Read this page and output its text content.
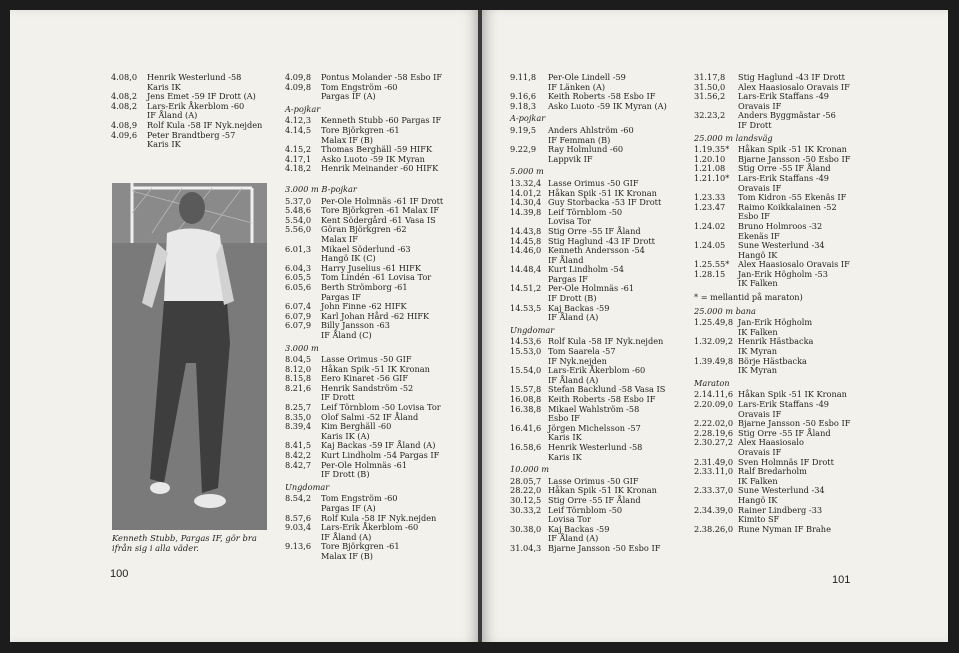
4.08,0 Henrik Westerlund -58
Karis IK
4.08,2 Jens Emet -59 IF Drott (A)
4.08,2 Lars-Erik Åkerblom -60
IF Åland (A)
4.08,9 Rolf Kula -58 IF Nyk.nejden
4.09,6 Peter Brandtberg -57
Karis IK
4.09,8 Pontus Molander -58 Esbo IF
4.09,8 Tom Engström -60
Pargas IF (A)
A-pojkar
4.12,3 Kenneth Stubb -60 Pargas IF
4.14,5 Tore Björkgren -61
Malax IF (B)
4.15,2 Thomas Berghäll -59 HIFK
4.17,1 Asko Luoto -59 IK Myran
4.18,2 Henrik Meinander -60 HIFK
3.000 m B-pojkar
5.37,0 Per-Ole Holmnäs -61 IF Drott
5.48,6 Tore Björkgren -61 Malax IF
5.54,0 Kent Södergård -61 Vasa IS
5.56,0 Göran Björkgren -62
Malax IF
6.01,3 Mikael Söderlund -63
Hangö IK (C)
6.04,3 Harry Juselius -61 HIFK
6.05,5 Tom Lindén -61 Lovisa Tor
6.05,6 Berth Strömborg -61
Pargas IF
6.07,4 John Finne -62 HIFK
6.07,9 Karl Johan Hård -62 HIFK
6.07,9 Billy Jansson -63
IF Åland (C)
3.000 m
8.04,5 Lasse Orimus -50 GIF
8.12,0 Håkan Spik -51 IK Kronan
8.15,8 Eero Kinaret -56 GIF
8.21,6 Henrik Sandström -52
IF Drott
8.25,7 Leif Törnblom -50 Lovisa Tor
8.35,0 Olof Salmi -52 IF Åland
8.39,4 Kim Berghäll -60
Karis IK (A)
8.41,5 Kaj Backas -59 IF Åland (A)
8.42,2 Kurt Lindholm -54 Pargas IF
8.42,7 Per-Ole Holmnäs -61
IF Drott (B)
Ungdomar
8.54,2 Tom Engström -60
Pargas IF (A)
8.57,6 Rolf Kula -58 IF Nyk.nejden
9.03,4 Lars-Erik Åkerblom -60
IF Åland (A)
9.13,6 Tore Björkgren -61
Malax IF (B)
9.11,8 Per-Ole Lindell -59
IF Länken (A)
9.16,6 Keith Roberts -58 Esbo IF
9.18,3 Asko Luoto -59 IK Myran (A)
A-pojkar
9.19,5 Anders Ahlström -60
IF Femman (B)
9.22,9 Ray Holmlund -60
Lappvik IF
5.000 m
13.32,4 Lasse Orimus -50 GIF
14.01,2 Håkan Spik -51 IK Kronan
14.30,4 Guy Storbacka -53 IF Drott
14.39,8 Leif Törnblom -50
Lovisa Tor
14.43,8 Stig Orre -55 IF Åland
14.45,8 Stig Haglund -43 IF Drott
14.46,0 Kenneth Andersson -54
IF Åland
14.48,4 Kurt Lindholm -54
Pargas IF
14.51,2 Per-Ole Holmnäs -61
IF Drott (B)
14.53,5 Kaj Backas -59
IF Åland (A)
Ungdomar
14.53,6 Rolf Kula -58 IF Nyk.nejden
15.53,0 Tom Saarela -57
IF Nyk.nejden
15.54,0 Lars-Erik Åkerblom -60
IF Åland (A)
15.57,8 Stefan Backlund -58 Vasa IS
16.08,8 Keith Roberts -58 Esbo IF
16.38,8 Mikael Wahlström -58
Esbo IF
16.41,6 Jörgen Michelsson -57
Karis IK
16.58,6 Henrik Westerlund -58
Karis IK
10.000 m
28.05,7 Lasse Orimus -50 GIF
28.22,0 Håkan Spik -51 IK Kronan
30.12,5 Stig Orre -55 IF Åland
30.33,2 Leif Törnblom -50
Lovisa Tor
30.38,0 Kaj Backas -59
IF Åland (A)
31.04,3 Bjarne Jansson -50 Esbo IF
31.17,8 Stig Haglund -43 IF Drott
31.50,0 Alex Haasiosalo Oravais IF
31.56,2 Lars-Erik Staffans -49
Oravais IF
32.23,2 Anders Byggmästar -56
IF Drott
25.000 m landsväg
1.19.35* Håkan Spik -51 IK Kronan
1.20.10 Bjarne Jansson -50 Esbo IF
1.21.08 Stig Orre -55 IF Åland
1.21.10* Lars-Erik Staffans -49
Oravais IF
1.23.33 Tom Kidron -55 Ekenäs IF
1.23.47 Raimo Koikkalainen -52
Esbo IF
1.24.02 Bruno Holmroos -32
Ekenäs IF
1.24.05 Sune Westerlund -34
Hangö IK
1.25.55* Alex Haasiosalo Oravais IF
1.28.15 Jan-Erik Högholm -53
IK Falken
* = mellantid på maraton)
25.000 m bana
1.25.49,8 Jan-Erik Högholm
IK Falken
1.32.09,2 Henrik Hästbacka
IK Myran
1.39.49,8 Börje Hästbacka
IK Myran
Maraton
2.14.11,6 Håkan Spik -51 IK Kronan
2.20.09,0 Lars-Erik Staffans -49
Oravais IF
2.22.02,0 Bjarne Jansson -50 Esbo IF
2.28.19,6 Stig Orre -55 IF Åland
2.30.27,2 Alex Haasiosalo
Oravais IF
2.31.49,0 Sven Holmnäs IF Drott
2.33.11,0 Ralf Bredarholm
IK Falken
2.33.37,0 Sune Westerlund -34
Hangö IK
2.34.39,0 Rainer Lindberg -33
Kimito SF
2.38.26,0 Rune Nyman IF Brahe
Kenneth Stubb, Pargas IF, gör bra
ifrån sig i alla väder.
100	101
